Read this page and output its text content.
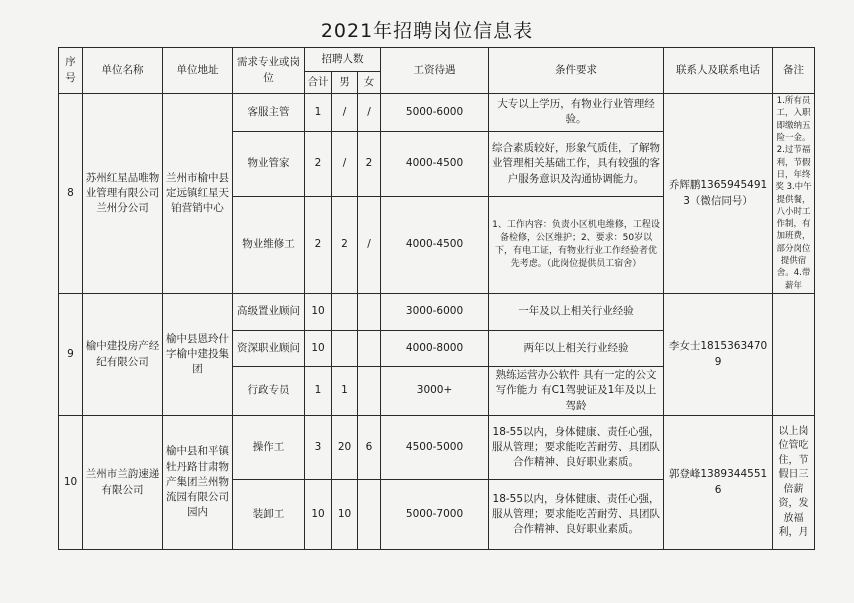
2021年招聘岗位信息表
序号	单位名称	单位地址	需求专业或岗位	招聘人数			工资待遇	条件要求	联系人及联系电话	备注
				合计	男	女				
8	苏州红星品唯物业管理有限公司兰州分公司	兰州市榆中县定远镇红星天铂营销中心	客服主管	1	/	/	5000-6000	大专以上学历，有物业行业管理经验。	乔辉鹏13659454913（微信同号）	1.所有员工，入职即缴纳五险一金。2.过节福利，节假日，年终奖 3.中午提供餐，八小时工作制，有加班费，部分岗位提供宿舍。4.带薪年
			物业管家	2	/	2	4000-4500	综合素质较好，形象气质佳，了解物业管理相关基础工作，具有较强的客户服务意识及沟通协调能力。		
			物业维修工	2	2	/	4000-4500	1、工作内容：负责小区机电维修，工程设备检修，公区维护；2、要求：50岁以下，有电工证，有物业行业工作经验者优先考虑。（此岗位提供员工宿舍）		
9	榆中建投房产经纪有限公司	榆中县恩玲什字榆中建投集团	高级置业顾问	10			3000-6000	一年及以上相关行业经验	李女士18153634709	
			资深职业顾问	10			4000-8000	两年以上相关行业经验		
			行政专员	1	1		3000+	熟练运营办公软件 具有一定的公文写作能力 有C1驾驶证及1年及以上驾龄		
10	兰州市兰韵速递有限公司	榆中县和平镇牡丹路甘肃物产集团兰州物流园有限公司园内	操作工	3	20	6	4500-5000	18-55以内，身体健康、责任心强，服从管理；要求能吃苦耐劳、具团队合作精神、良好职业素质。	郭登峰13893445516	以上岗位管吃住，节假日三倍薪资，发放福利，月
			装卸工	10	10		5000-7000	18-55以内，身体健康、责任心强，服从管理；要求能吃苦耐劳、具团队合作精神、良好职业素质。		
